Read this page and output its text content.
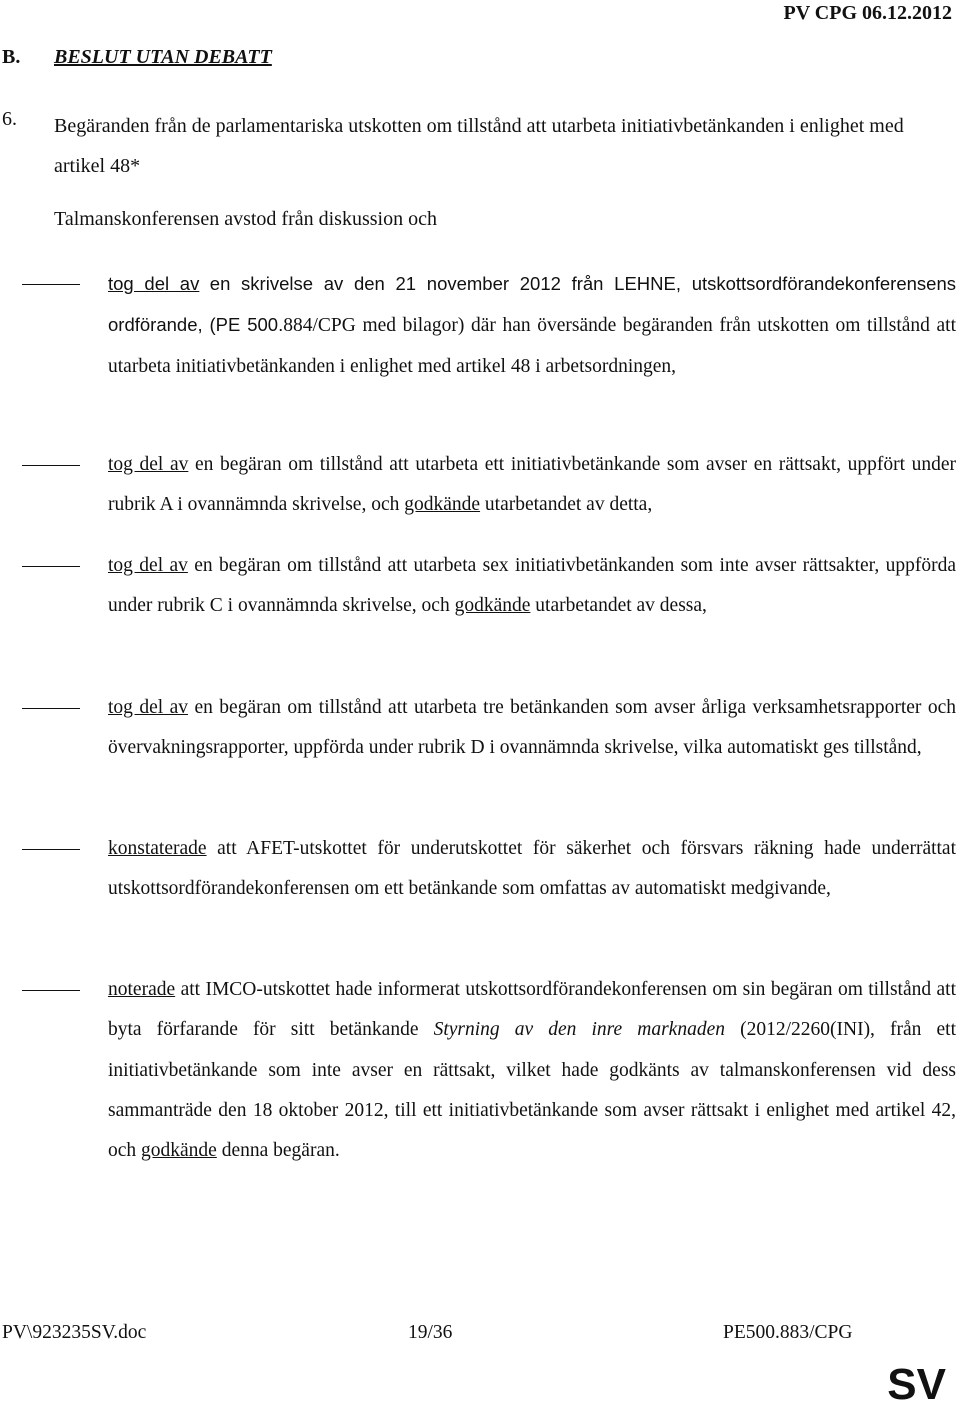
PV CPG 06.12.2012
B. BESLUT UTAN DEBATT
6. Begäranden från de parlamentariska utskotten om tillstånd att utarbeta initiativbetänkanden i enlighet med artikel 48*
Talmanskonferensen avstod från diskussion och
tog del av en skrivelse av den 21 november 2012 från LEHNE, utskottsordförandekonferensens ordförande, (PE 500.884/CPG med bilagor) där han översände begäranden från utskotten om tillstånd att utarbeta initiativbetänkanden i enlighet med artikel 48 i arbetsordningen,
tog del av en begäran om tillstånd att utarbeta ett initiativbetänkande som avser en rättsakt, uppfört under rubrik A i ovannämnda skrivelse, och godkände utarbetandet av detta,
tog del av en begäran om tillstånd att utarbeta sex initiativbetänkanden som inte avser rättsakter, uppförda under rubrik C i ovannämnda skrivelse, och godkände utarbetandet av dessa,
tog del av en begäran om tillstånd att utarbeta tre betänkanden som avser årliga verksamhetsrapporter och övervakningsrapporter, uppförda under rubrik D i ovannämnda skrivelse, vilka automatiskt ges tillstånd,
konstaterade att AFET-utskottet för underutskottet för säkerhet och försvars räkning hade underrättat utskottsordförandekonferensen om ett betänkande som omfattas av automatiskt medgivande,
noterade att IMCO-utskottet hade informerat utskottsordförandekonferensen om sin begäran om tillstånd att byta förfarande för sitt betänkande Styrning av den inre marknaden (2012/2260(INI), från ett initiativbetänkande som inte avser en rättsakt, vilket hade godkänts av talmanskonferensen vid dess sammanträde den 18 oktober 2012, till ett initiativbetänkande som avser rättsakt i enlighet med artikel 42, och godkände denna begäran.
PV\923235SV.doc	19/36	PE500.883/CPG
SV
